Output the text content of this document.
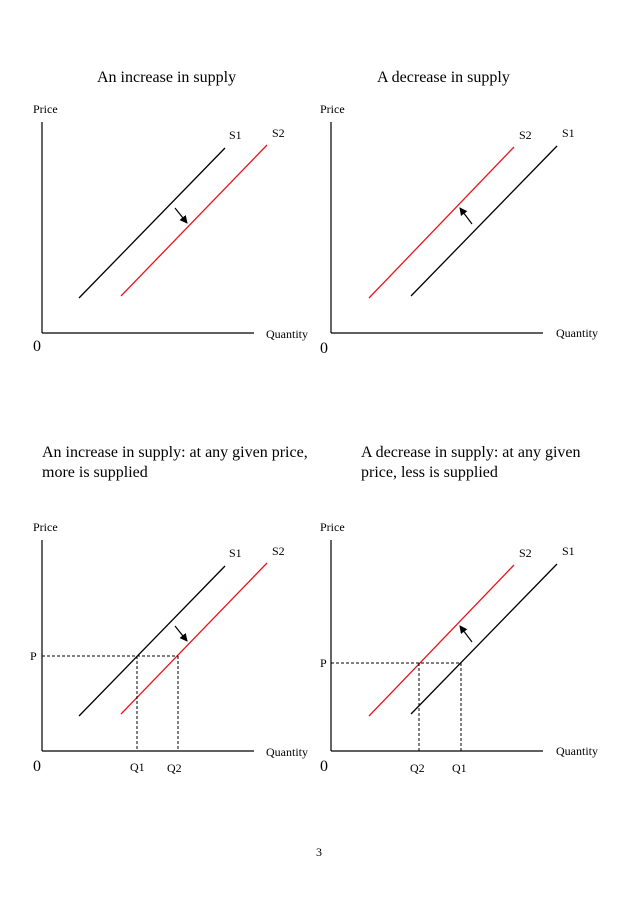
An increase in supply	A decrease in supply
An increase in supply: at any given price,
more is supplied
A decrease in supply: at any given
price, less is supplied
Price
Quantity
0
S1	S2
Price
Quantity
0
S2	S1
Price
Quantity
0
S1	S2
P
Q1 Q2
Price
Quantity
0
S2	S1
P
Q2 Q1
3
